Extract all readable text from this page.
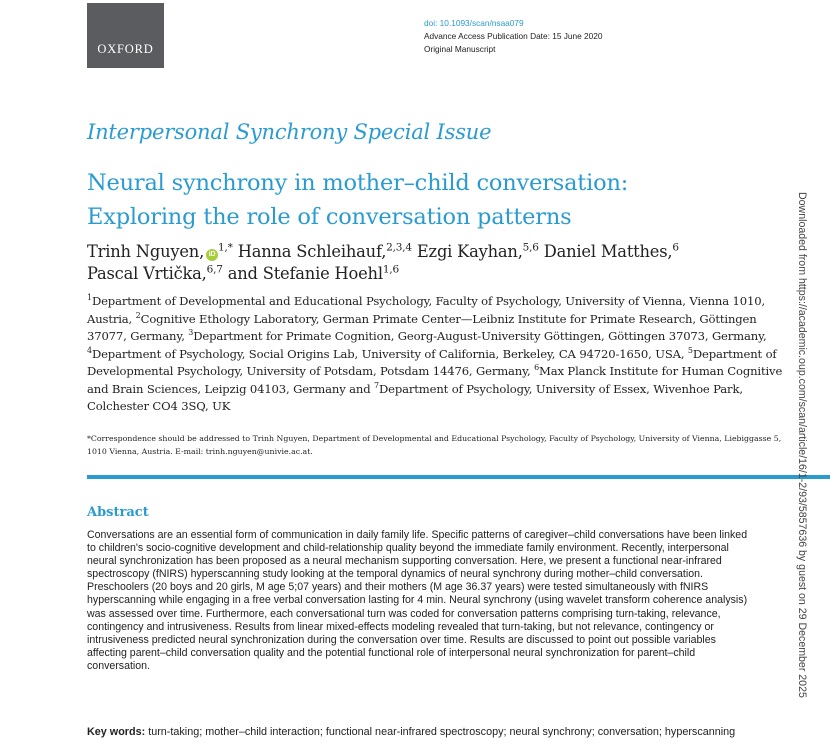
OXFORD
doi: 10.1093/scan/nsaa079
Advance Access Publication Date: 15 June 2020
Original Manuscript
Interpersonal Synchrony Special Issue
Neural synchrony in mother–child conversation:
Exploring the role of conversation patterns
Trinh Nguyen, $iD^{1,*}$ Hanna Schleihauf,$^{2,3,4}$ Ezgi Kayhan,$^{5,6}$ Daniel Matthes,$^6$
Pascal Vrtička,$^{6,7}$ and Stefanie Hoehl$^{1,6}$
$^1$Department of Developmental and Educational Psychology, Faculty of Psychology, University of Vienna, Vienna 1010, Austria, $^2$Cognitive Ethology Laboratory, German Primate Center—Leibniz Institute for Primate Research, Göttingen 37077, Germany, $^3$Department for Primate Cognition, Georg-August-University Göttingen, Göttingen 37073, Germany, $^4$Department of Psychology, Social Origins Lab, University of California, Berkeley, CA 94720-1650, USA, $^5$Department of Developmental Psychology, University of Potsdam, Potsdam 14476, Germany, $^6$Max Planck Institute for Human Cognitive and Brain Sciences, Leipzig 04103, Germany and $^7$Department of Psychology, University of Essex, Wivenhoe Park, Colchester CO4 3SQ, UK
*Correspondence should be addressed to Trinh Nguyen, Department of Developmental and Educational Psychology, Faculty of Psychology, University of Vienna, Liebiggasse 5, 1010 Vienna, Austria. E-mail: trinh.nguyen@univie.ac.at.
Abstract
Conversations are an essential form of communication in daily family life. Specific patterns of caregiver–child conversations have been linked to children's socio-cognitive development and child-relationship quality beyond the immediate family environment. Recently, interpersonal neural synchronization has been proposed as a neural mechanism supporting conversation. Here, we present a functional near-infrared spectroscopy (fNIRS) hyperscanning study looking at the temporal dynamics of neural synchrony during mother–child conversation. Preschoolers (20 boys and 20 girls, M age 5;07 years) and their mothers (M age 36.37 years) were tested simultaneously with fNIRS hyperscanning while engaging in a free verbal conversation lasting for 4 min. Neural synchrony (using wavelet transform coherence analysis) was assessed over time. Furthermore, each conversational turn was coded for conversation patterns comprising turn-taking, relevance, contingency and intrusiveness. Results from linear mixed-effects modeling revealed that turn-taking, but not relevance, contingency or intrusiveness predicted neural synchronization during the conversation over time. Results are discussed to point out possible variables affecting parent–child conversation quality and the potential functional role of interpersonal neural synchronization for parent–child conversation.
Key words: turn-taking; mother–child interaction; functional near-infrared spectroscopy; neural synchrony; conversation; hyperscanning
Downloaded from https://academic.oup.com/scan/article/16/1-2/93/5857636 by guest on 29 December 2025
